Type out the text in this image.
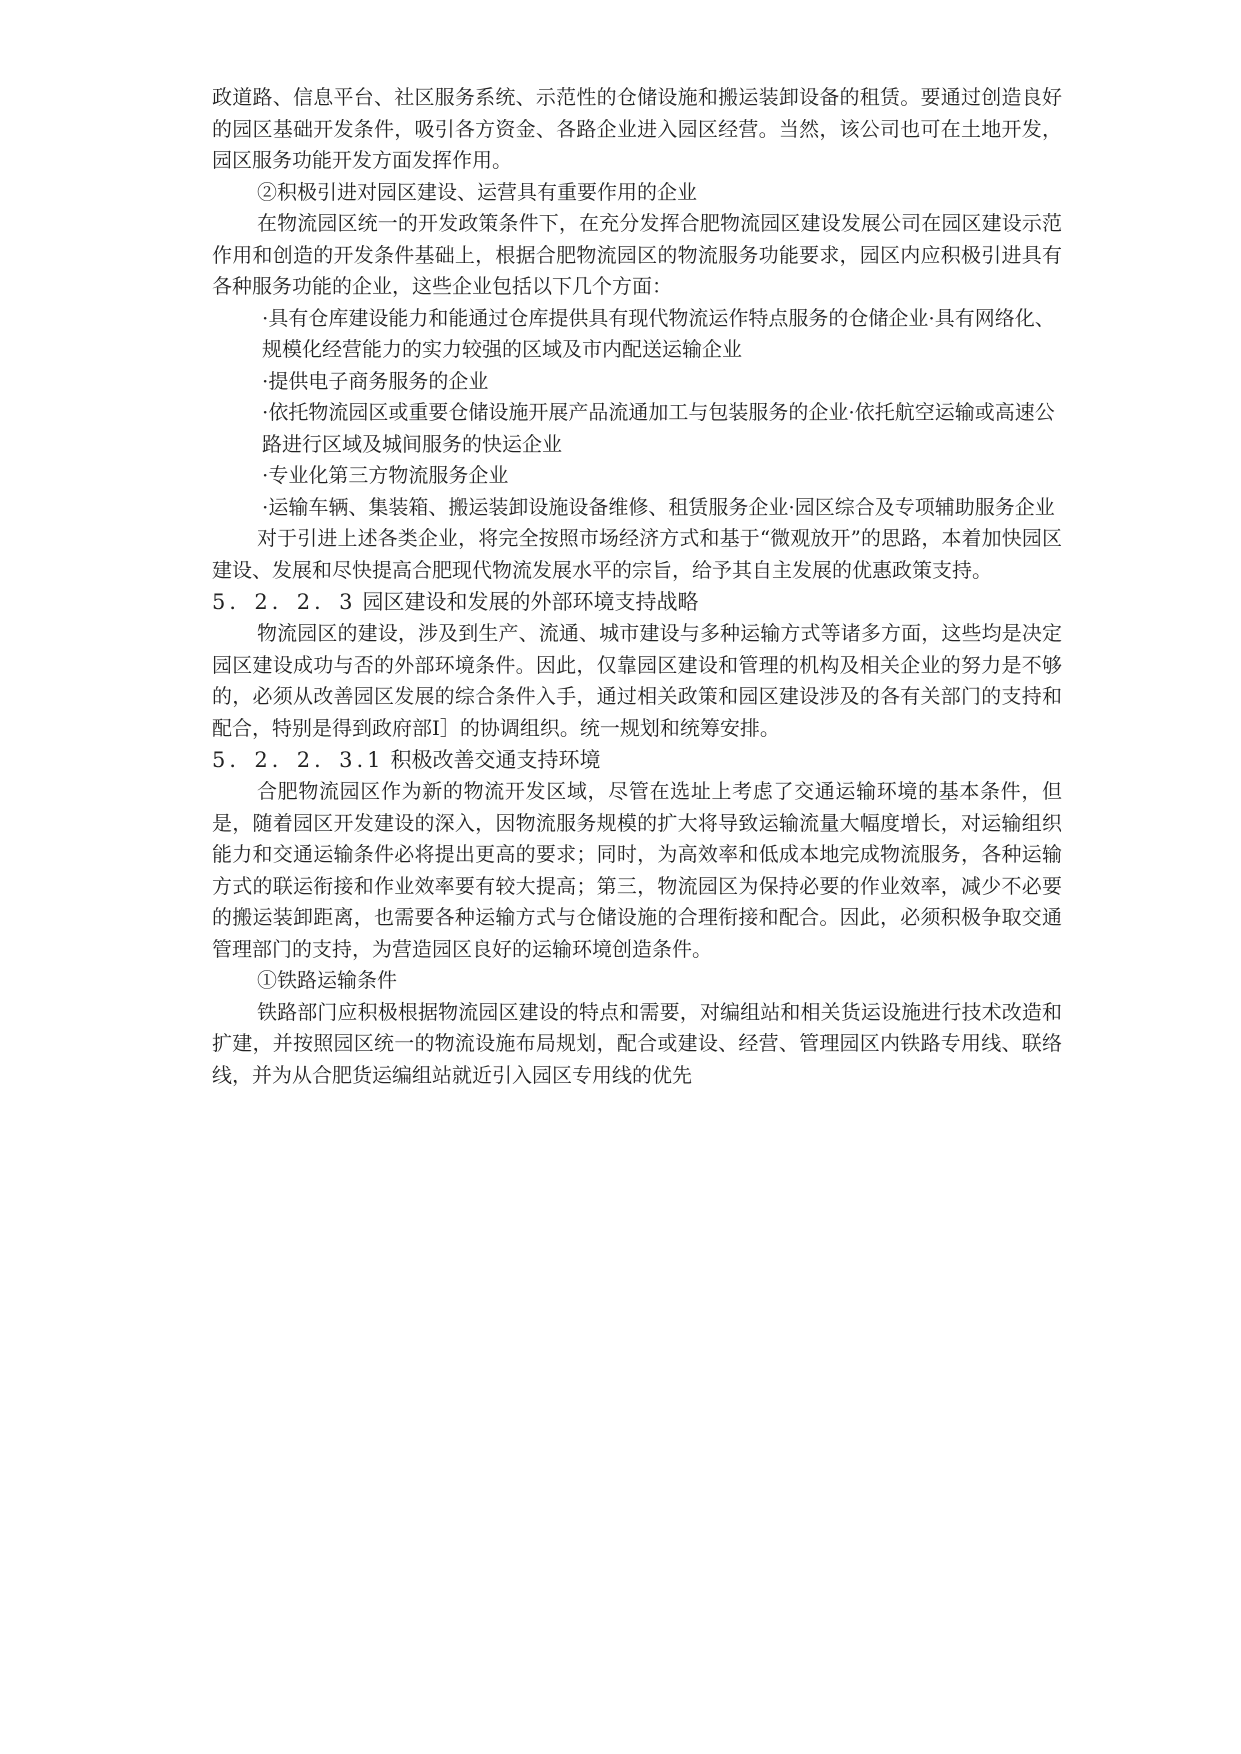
政道路、信息平台、社区服务系统、示范性的仓储设施和搬运装卸设备的租赁。要通过创造良好的园区基础开发条件，吸引各方资金、各路企业进入园区经营。当然，该公司也可在土地开发，园区服务功能开发方面发挥作用。

②积极引进对园区建设、运营具有重要作用的企业

在物流园区统一的开发政策条件下，在充分发挥合肥物流园区建设发展公司在园区建设示范作用和创造的开发条件基础上，根据合肥物流园区的物流服务功能要求，园区内应积极引进具有各种服务功能的企业，这些企业包括以下几个方面：

·具有仓库建设能力和能通过仓库提供具有现代物流运作特点服务的仓储企业·具有网络化、规模化经营能力的实力较强的区域及市内配送运输企业

·提供电子商务服务的企业

·依托物流园区或重要仓储设施开展产品流通加工与包装服务的企业·依托航空运输或高速公路进行区域及城间服务的快运企业

·专业化第三方物流服务企业

·运输车辆、集装箱、搬运装卸设施设备维修、租赁服务企业·园区综合及专项辅助服务企业

对于引进上述各类企业，将完全按照市场经济方式和基于“微观放开”的思路，本着加快园区建设、发展和尽快提高合肥现代物流发展水平的宗旨，给予其自主发展的优惠政策支持。

5．2．2．3 园区建设和发展的外部环境支持战略

物流园区的建设，涉及到生产、流通、城市建设与多种运输方式等诸多方面，这些均是决定园区建设成功与否的外部环境条件。因此，仅靠园区建设和管理的机构及相关企业的努力是不够的，必须从改善园区发展的综合条件入手，通过相关政策和园区建设涉及的各有关部门的支持和配合，特别是得到政府部I］的协调组织。统一规划和统筹安排。

5．2．2．3.1 积极改善交通支持环境

合肥物流园区作为新的物流开发区域，尽管在选址上考虑了交通运输环境的基本条件，但是，随着园区开发建设的深入，因物流服务规模的扩大将导致运输流量大幅度增长，对运输组织能力和交通运输条件必将提出更高的要求；同时，为高效率和低成本地完成物流服务，各种运输方式的联运衔接和作业效率要有较大提高；第三，物流园区为保持必要的作业效率，减少不必要的搬运装卸距离，也需要各种运输方式与仓储设施的合理衔接和配合。因此，必须积极争取交通管理部门的支持，为营造园区良好的运输环境创造条件。

①铁路运输条件

铁路部门应积极根据物流园区建设的特点和需要，对编组站和相关货运设施进行技术改造和扩建，并按照园区统一的物流设施布局规划，配合或建设、经营、管理园区内铁路专用线、联络线，并为从合肥货运编组站就近引入园区专用线的优先
